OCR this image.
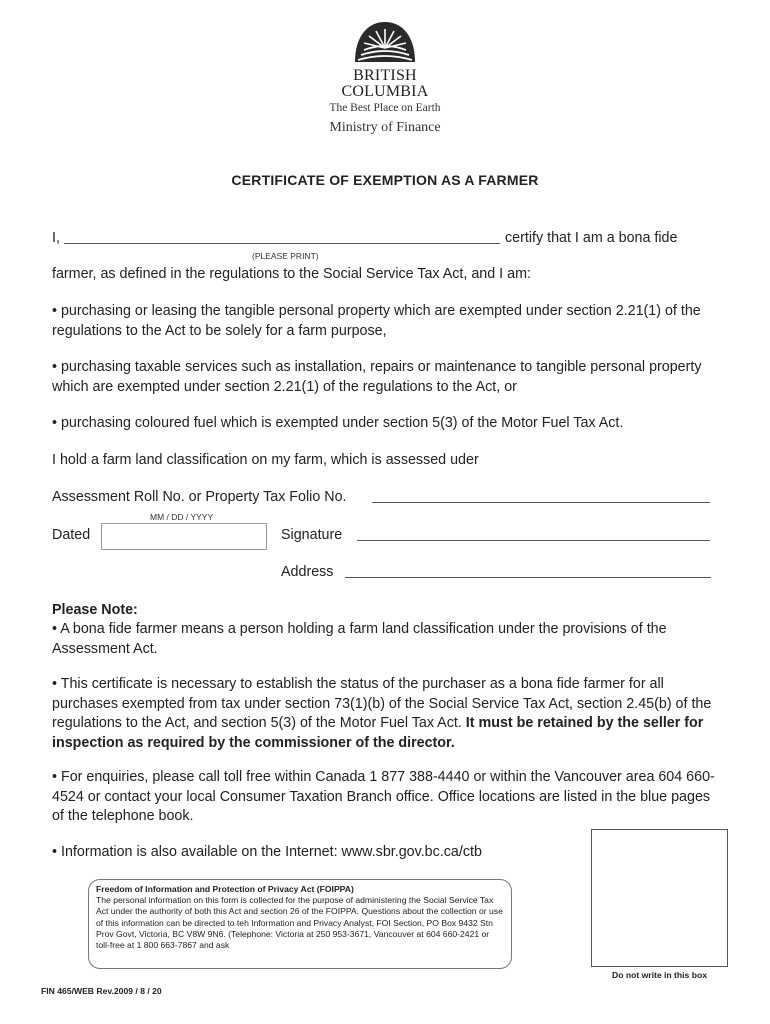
BRITISH
COLUMBIA
The Best Place on Earth
Ministry of Finance
CERTIFICATE OF EXEMPTION AS A FARMER
I,	certify that I am a bona fide
(PLEASE PRINT)
farmer, as defined in the regulations to the Social Service Tax Act, and I am:
• purchasing or leasing the tangible personal property which are exempted under section 2.21(1) of the regulations to the Act to be solely for a farm purpose,
• purchasing taxable services such as installation, repairs or maintenance to tangible personal property which are exempted under section 2.21(1) of the regulations to the Act, or
• purchasing coloured fuel which is exempted under section 5(3) of the Motor Fuel Tax Act.
I hold a farm land classification on my farm, which is assessed uder
Assessment Roll No. or Property Tax Folio No.
MM / DD / YYYY
Dated	Signature
Address
Please Note:
• A bona fide farmer means a person holding a farm land classification under the provisions of the Assessment Act.
• This certificate is necessary to establish the status of the purchaser as a bona fide farmer for all purchases exempted from tax under section 73(1)(b) of the Social Service Tax Act, section 2.45(b) of the regulations to the Act, and section 5(3) of the Motor Fuel Tax Act. It must be retained by the seller for inspection as required by the commissioner of the director.
• For enquiries, please call toll free within Canada 1 877 388-4440 or within the Vancouver area 604 660-4524 or contact your local Consumer Taxation Branch office. Office locations are listed in the blue pages of the telephone book.
• Information is also available on the Internet: www.sbr.gov.bc.ca/ctb
Freedom of Information and Protection of Privacy Act (FOIPPA)
The personal information on this form is collected for the purpose of administering the Social Service Tax Act under the authority of both this Act and section 26 of the FOIPPA. Questions about the collection or use of this information can be directed to teh Information and Privacy Analyst, FOI Section, PO Box 9432 Stn Prov Govt, Victoria, BC V8W 9N6. (Telephone: Victoria at 250 953-3671, Vancouver at 604 660-2421 or toll-free at 1 800 663-7867 and ask
Do not write in this box
FIN 465/WEB Rev.2009 / 8 / 20
